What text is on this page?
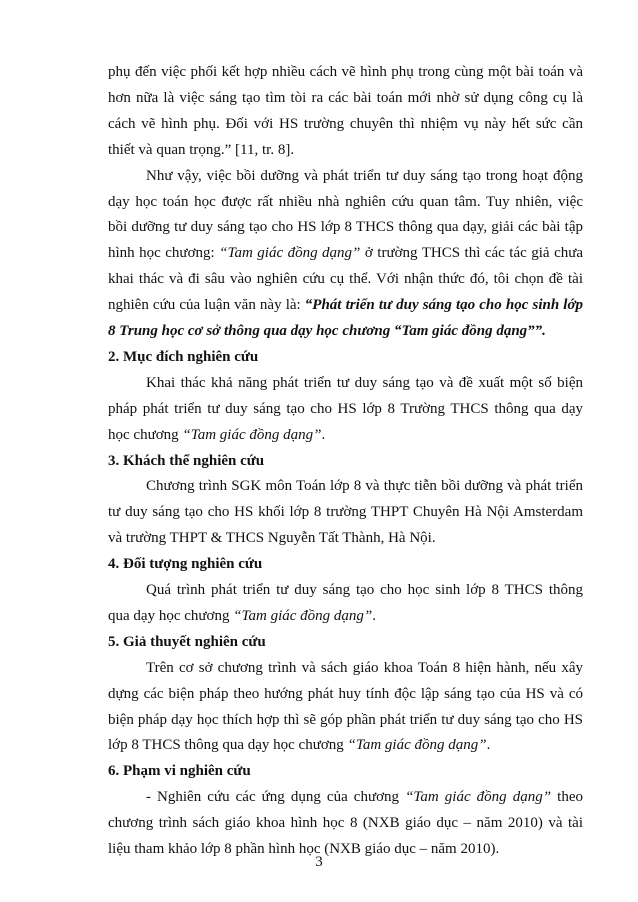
phụ đến việc phối kết hợp nhiều cách vẽ hình phụ trong cùng một bài toán và
hơn nữa là việc sáng tạo tìm tòi ra các bài toán mới nhờ sử dụng công cụ là
cách vẽ hình phụ. Đối với HS trường chuyên thì nhiệm vụ này hết sức cần
thiết và quan trọng.” [11, tr. 8].
Như vậy, việc bồi dưỡng và phát triển tư duy sáng tạo trong hoạt động
dạy học toán học được rất nhiều nhà nghiên cứu quan tâm. Tuy nhiên, việc
bồi dưỡng tư duy sáng tạo cho HS lớp 8 THCS thông qua dạy, giải các bài tập
hình học chương: “Tam giác đồng dạng” ở trường THCS thì các tác giả chưa
khai thác và đi sâu vào nghiên cứu cụ thể. Với nhận thức đó, tôi chọn đề tài
nghiên cứu của luận văn này là: “Phát triển tư duy sáng tạo cho học sinh lớp
8 Trung học cơ sở thông qua dạy học chương “Tam giác đồng dạng””.
2. Mục đích nghiên cứu
Khai thác khả năng phát triển tư duy sáng tạo và đề xuất một số biện
pháp phát triển tư duy sáng tạo cho HS lớp 8 Trường THCS thông qua dạy
học chương “Tam giác đồng dạng”.
3. Khách thể nghiên cứu
Chương trình SGK môn Toán lớp 8 và thực tiễn bồi dưỡng và phát triển
tư duy sáng tạo cho HS khối lớp 8 trường THPT Chuyên Hà Nội Amsterdam
và trường THPT & THCS Nguyễn Tất Thành, Hà Nội.
4. Đối tượng nghiên cứu
Quá trình phát triển tư duy sáng tạo cho học sinh lớp 8 THCS thông
qua dạy học chương “Tam giác đồng dạng”.
5. Giả thuyết nghiên cứu
Trên cơ sở chương trình và sách giáo khoa Toán 8 hiện hành, nếu xây
dựng các biện pháp theo hướng phát huy tính độc lập sáng tạo của HS và có
biện pháp dạy học thích hợp thì sẽ góp phần phát triển tư duy sáng tạo cho HS
lớp 8 THCS thông qua dạy học chương “Tam giác đồng dạng”.
6. Phạm vi nghiên cứu
- Nghiên cứu các ứng dụng của chương “Tam giác đồng dạng” theo
chương trình sách giáo khoa hình học 8 (NXB giáo dục – năm 2010) và tài
liệu tham khảo lớp 8 phần hình học (NXB giáo dục – năm 2010).
3
